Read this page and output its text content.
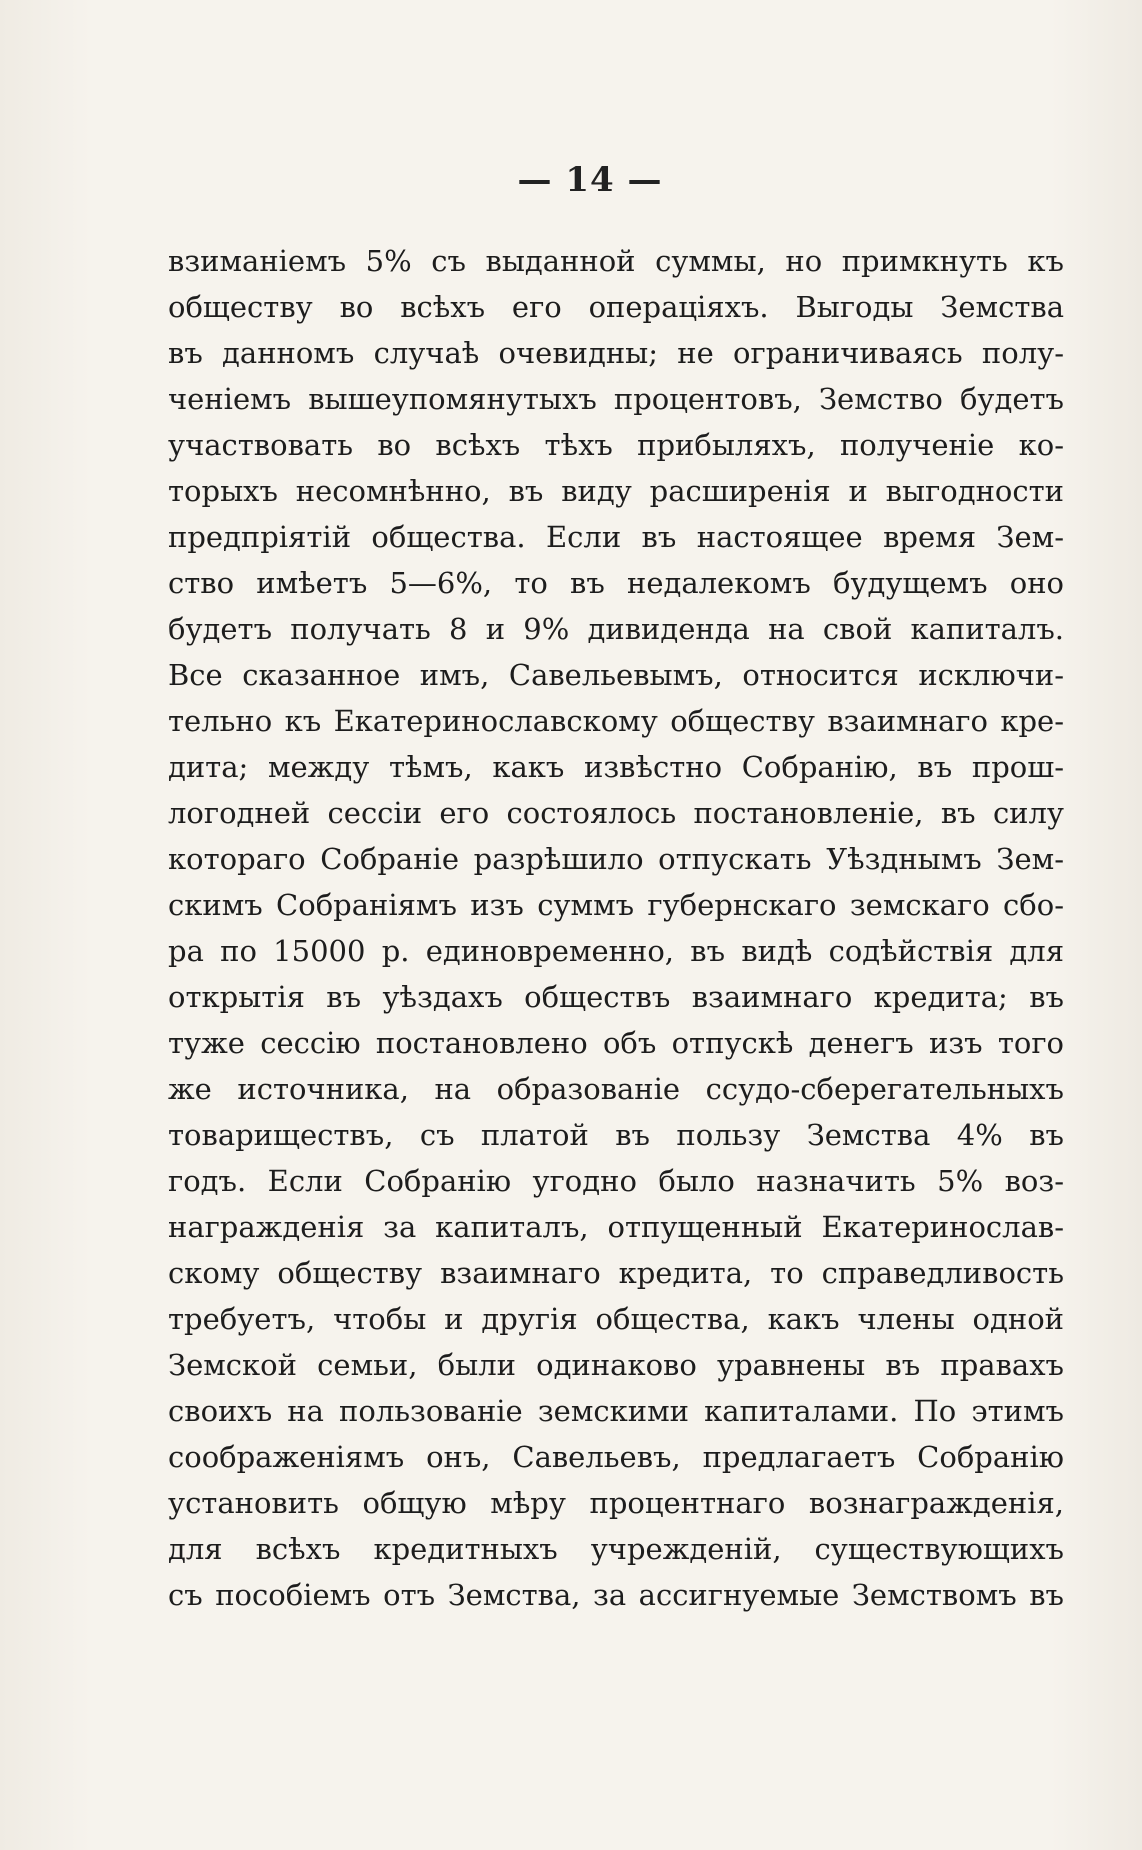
— 14 —
взиманіемъ 5% съ выданной суммы, но примкнуть къ
обществу во всѣхъ его операціяхъ. Выгоды Земства
въ данномъ случаѣ очевидны; не ограничиваясь полу-
ченіемъ вышеупомянутыхъ процентовъ, Земство будетъ
участвовать во всѣхъ тѣхъ прибыляхъ, полученіе ко-
торыхъ несомнѣнно, въ виду расширенія и выгодности
предпріятій общества. Если въ настоящее время Зем-
ство имѣетъ 5—6%, то въ недалекомъ будущемъ оно
будетъ получать 8 и 9% дивиденда на свой капиталъ.
Все сказанное имъ, Савельевымъ, относится исключи-
тельно къ Екатеринославскому обществу взаимнаго кре-
дита; между тѣмъ, какъ извѣстно Собранію, въ прош-
логодней сессіи его состоялось постановленіе, въ силу
котораго Собраніе разрѣшило отпускать Уѣзднымъ Зем-
скимъ Собраніямъ изъ суммъ губернскаго земскаго сбо-
ра по 15000 р. единовременно, въ видѣ содѣйствія для
открытія въ уѣздахъ обществъ взаимнаго кредита; въ
туже сессію постановлено объ отпускѣ денегъ изъ того
же источника, на образованіе ссудо-сберегательныхъ
товариществъ, съ платой въ пользу Земства 4% въ
годъ. Если Собранію угодно было назначить 5% воз-
награжденія за капиталъ, отпущенный Екатеринослав-
скому обществу взаимнаго кредита, то справедливость
требуетъ, чтобы и другія общества, какъ члены одной
Земской семьи, были одинаково уравнены въ правахъ
своихъ на пользованіе земскими капиталами. По этимъ
соображеніямъ онъ, Савельевъ, предлагаетъ Собранію
установить общую мѣру процентнаго вознагражденія,
для всѣхъ кредитныхъ учрежденій, существующихъ
съ пособіемъ отъ Земства, за ассигнуемые Земствомъ въ
